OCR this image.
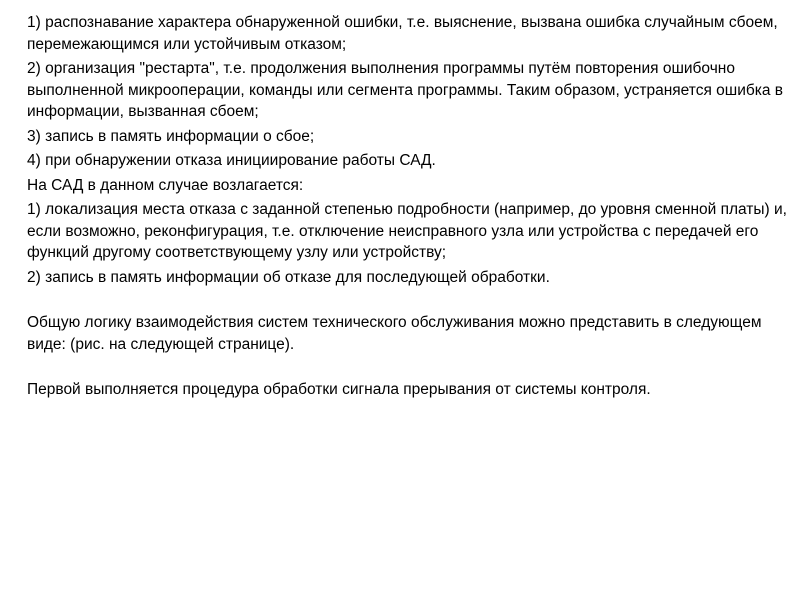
1) распознавание характера обнаруженной ошибки, т.е. выяснение, вызвана ошибка случайным сбоем, перемежающимся или устойчивым отказом;

2) организация "рестарта", т.е. продолжения выполнения программы путём повторения ошибочно выполненной микрооперации, команды или сегмента программы. Таким образом, устраняется ошибка в информации, вызванная сбоем;

3) запись в память информации о сбое;

4) при обнаружении отказа инициирование работы САД.

На САД в данном случае возлагается:

1) локализация места отказа с заданной степенью подробности (например, до уровня сменной платы) и, если возможно, реконфигурация, т.е. отключение неисправного узла или устройства с передачей его функций другому соответствующему узлу или устройству;

2) запись в память информации об отказе для последующей обработки.

Общую логику взаимодействия систем технического обслуживания можно представить в следующем виде: (рис. на следующей странице).

Первой выполняется процедура обработки сигнала прерывания от системы контроля.
